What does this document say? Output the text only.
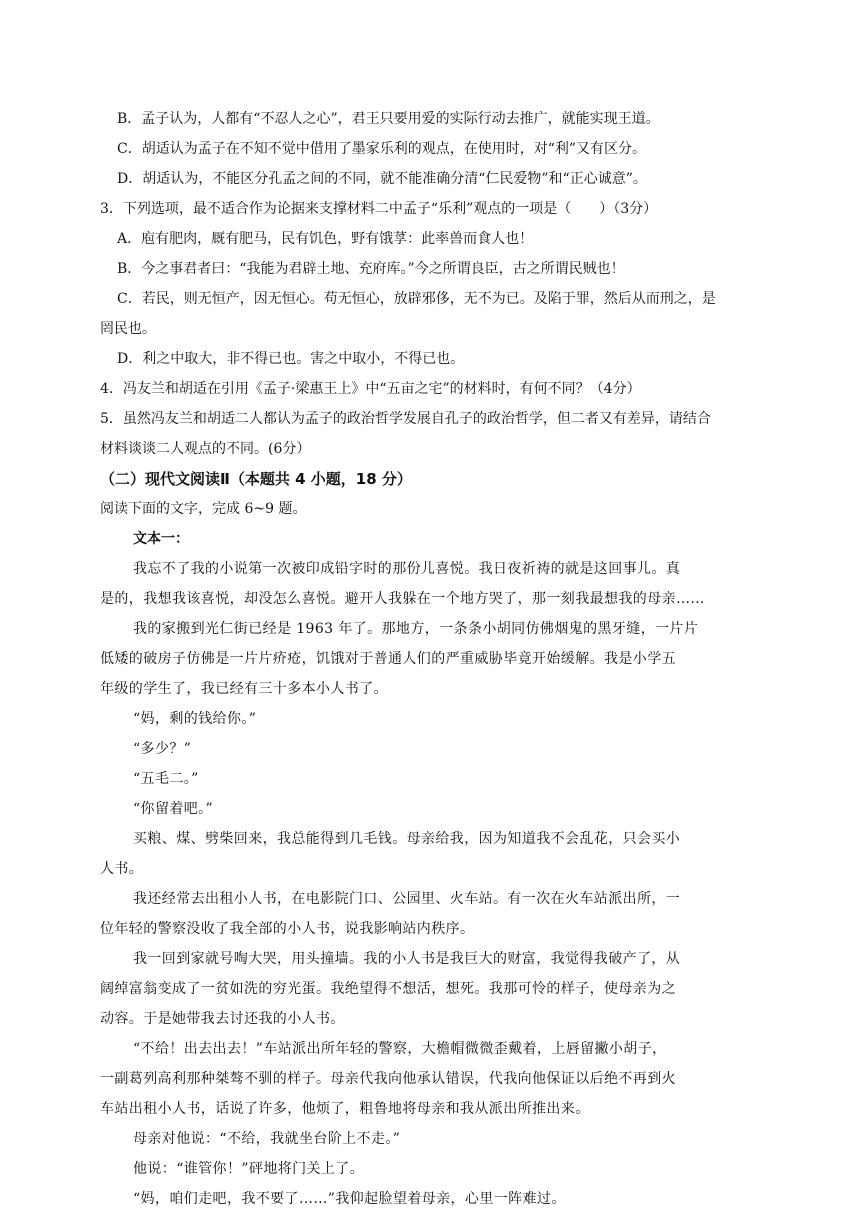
B．孟子认为，人都有“不忍人之心”，君王只要用爱的实际行动去推广，就能实现王道。

C．胡适认为孟子在不知不觉中借用了墨家乐利的观点，在使用时，对“利”又有区分。

D．胡适认为，不能区分孔孟之间的不同，就不能准确分清“仁民爱物”和“正心诚意”。

3．下列选项，最不适合作为论据来支撑材料二中孟子“乐利”观点的一项是（　　）（3分）

A．庖有肥肉，厩有肥马，民有饥色，野有饿莩：此率兽而食人也！

B．今之事君者曰：“我能为君辟土地、充府库。”今之所谓良臣，古之所谓民贼也！

C．若民，则无恒产，因无恒心。苟无恒心，放辟邪侈，无不为已。及陷于罪，然后从而刑之，是

罔民也。

D．利之中取大，非不得已也。害之中取小，不得已也。

4．冯友兰和胡适在引用《孟子·梁惠王上》中“五亩之宅”的材料时，有何不同？（4分）

5．虽然冯友兰和胡适二人都认为孟子的政治哲学发展自孔子的政治哲学，但二者又有差异，请结合

材料谈谈二人观点的不同。(6分）

（二）现代文阅读Ⅱ（本题共 4 小题，18 分）

阅读下面的文字，完成 6~9 题。

文本一：

我忘不了我的小说第一次被印成铅字时的那份儿喜悦。我日夜祈祷的就是这回事儿。真

是的，我想我该喜悦，却没怎么喜悦。避开人我躲在一个地方哭了，那一刻我最想我的母亲……

我的家搬到光仁街已经是 1963 年了。那地方，一条条小胡同仿佛烟鬼的黑牙缝，一片片

低矮的破房子仿佛是一片片疥疮，饥饿对于普通人们的严重威胁毕竟开始缓解。我是小学五

年级的学生了，我已经有三十多本小人书了。

“妈，剩的钱给你。”

“多少？”

“五毛二。”

“你留着吧。”

买粮、煤、劈柴回来，我总能得到几毛钱。母亲给我，因为知道我不会乱花，只会买小

人书。

我还经常去出租小人书，在电影院门口、公园里、火车站。有一次在火车站派出所，一

位年轻的警察没收了我全部的小人书，说我影响站内秩序。

我一回到家就号啕大哭，用头撞墙。我的小人书是我巨大的财富，我觉得我破产了，从

阔绰富翁变成了一贫如洗的穷光蛋。我绝望得不想活，想死。我那可怜的样子，使母亲为之

动容。于是她带我去讨还我的小人书。

“不给！出去出去！”车站派出所年轻的警察，大檐帽微微歪戴着，上唇留撇小胡子，

一副葛列高利那种桀骜不驯的样子。母亲代我向他承认错误，代我向他保证以后绝不再到火

车站出租小人书，话说了许多，他烦了，粗鲁地将母亲和我从派出所推出来。

母亲对他说：“不给，我就坐台阶上不走。”

他说：“谁管你！”砰地将门关上了。

“妈，咱们走吧，我不要了……”我仰起脸望着母亲，心里一阵难过。
